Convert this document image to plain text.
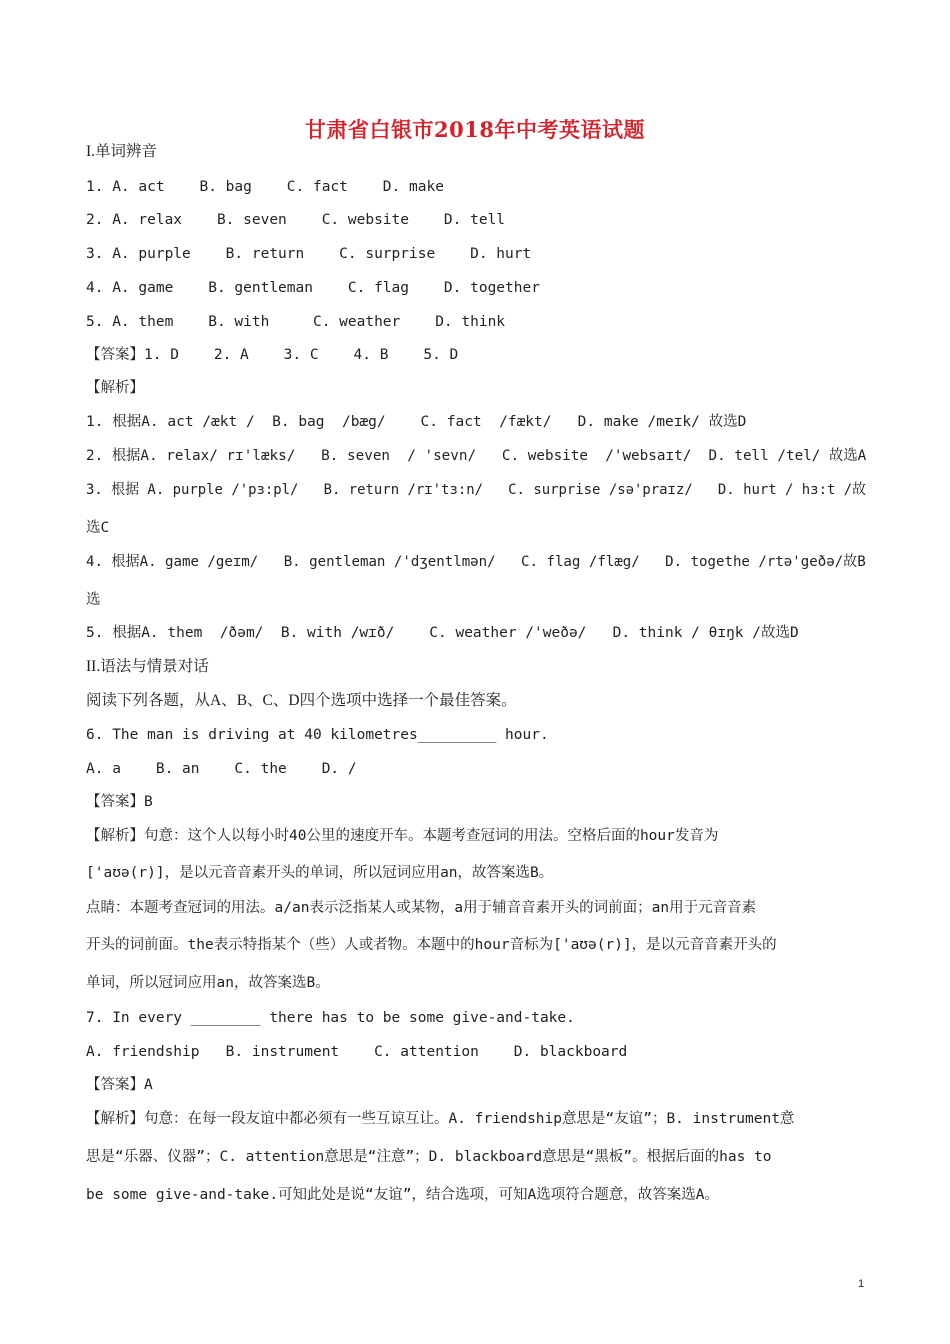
甘肃省白银市2018年中考英语试题
I.单词辨音
1. A. act    B. bag    C. fact    D. make
2. A. relax    B. seven    C. website    D. tell
3. A. purple    B. return    C. surprise    D. hurt
4. A. game    B. gentleman    C. flag    D. together
5. A. them    B. with     C. weather    D. think
【答案】1. D    2. A    3. C    4. B    5. D
【解析】
1. 根据A. act /ækt /  B. bag  /bæg/    C. fact  /fækt/   D. make /meɪk/ 故选D
2. 根据A. relax/ rɪ'læks/   B. seven  / 'sevn/   C. website  /'websaɪt/  D. tell /tel/ 故选A
3. 根据 A. purple /'pɜ:pl/   B. return /rɪ'tɜ:n/   C. surprise /sə'praɪz/   D. hurt / hɜ:t /故
选C
4. 根据A. game /geɪm/   B. gentleman /'dʒentlmən/   C. flag /flæg/   D. togethe /rtə'geðə/故B
选
5. 根据A. them  /ðəm/  B. with /wɪð/    C. weather /'weðə/   D. think / θɪŋk /故选D
II.语法与情景对话
阅读下列各题，从A、B、C、D四个选项中选择一个最佳答案。
6. The man is driving at 40 kilometres_________ hour.
A. a    B. an    C. the    D. /
【答案】B
【解析】句意：这个人以每小时40公里的速度开车。本题考查冠词的用法。空格后面的hour发音为
['aʊə(r)]，是以元音音素开头的单词，所以冠词应用an，故答案选B。
点睛：本题考查冠词的用法。a/an表示泛指某人或某物，a用于辅音音素开头的词前面；an用于元音音素
开头的词前面。the表示特指某个（些）人或者物。本题中的hour音标为['aʊə(r)]，是以元音音素开头的
单词，所以冠词应用an，故答案选B。
7. In every ________ there has to be some give-and-take.
A. friendship   B. instrument    C. attention    D. blackboard
【答案】A
【解析】句意：在每一段友谊中都必须有一些互谅互让。A. friendship意思是“友谊”；B. instrument意
思是“乐器、仪器”；C. attention意思是“注意”；D. blackboard意思是“黑板”。根据后面的has to
be some give-and-take.可知此处是说“友谊”，结合选项，可知A选项符合题意，故答案选A。
1
